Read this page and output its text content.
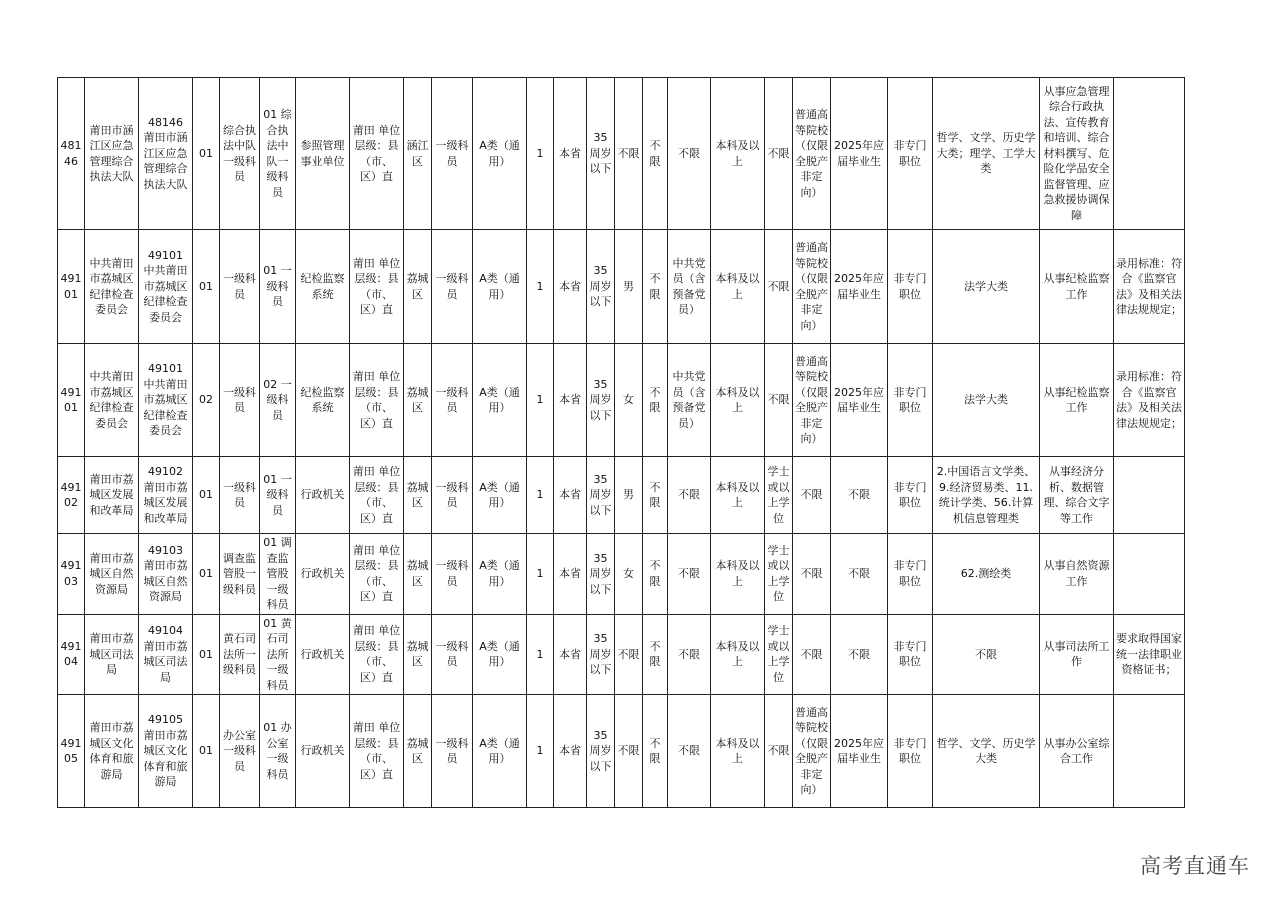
48146	莆田市涵江区应急管理综合执法大队	48146 莆田市涵江区应急管理综合执法大队	01	综合执法中队一级科员	01 综合执法中队一级科员	参照管理事业单位	莆田 单位层级：县（市、区）直	涵江区	一级科员	A类（通用）	1	本省	35周岁以下	不限	不限	不限	本科及以上	不限	普通高等院校（仅限全脱产非定向）	2025年应届毕业生	非专门职位	哲学、文学、历史学大类；理学、工学大类	从事应急管理综合行政执法、宣传教育和培训、综合材料撰写、危险化学品安全监督管理、应急救援协调保障	
49101	中共莆田市荔城区纪律检查委员会	49101 中共莆田市荔城区纪律检查委员会	01	一级科员	01 一级科员	纪检监察系统	莆田 单位层级：县（市、区）直	荔城区	一级科员	A类（通用）	1	本省	35周岁以下	男	不限	中共党员（含预备党员）	本科及以上	不限	普通高等院校（仅限全脱产非定向）	2025年应届毕业生	非专门职位	法学大类	从事纪检监察工作	录用标准：符合《监察官法》及相关法律法规规定；
49101	中共莆田市荔城区纪律检查委员会	49101 中共莆田市荔城区纪律检查委员会	02	一级科员	02 一级科员	纪检监察系统	莆田 单位层级：县（市、区）直	荔城区	一级科员	A类（通用）	1	本省	35周岁以下	女	不限	中共党员（含预备党员）	本科及以上	不限	普通高等院校（仅限全脱产非定向）	2025年应届毕业生	非专门职位	法学大类	从事纪检监察工作	录用标准：符合《监察官法》及相关法律法规规定；
49102	莆田市荔城区发展和改革局	49102 莆田市荔城区发展和改革局	01	一级科员	01 一级科员	行政机关	莆田 单位层级：县（市、区）直	荔城区	一级科员	A类（通用）	1	本省	35周岁以下	男	不限	不限	本科及以上	学士或以上学位	不限	不限	非专门职位	2.中国语言文学类、9.经济贸易类、11.统计学类、56.计算机信息管理类	从事经济分析、数据管理、综合文字等工作	
49103	莆田市荔城区自然资源局	49103 莆田市荔城区自然资源局	01	调查监管股一级科员	01 调查监管股一级科员	行政机关	莆田 单位层级：县（市、区）直	荔城区	一级科员	A类（通用）	1	本省	35周岁以下	女	不限	不限	本科及以上	学士或以上学位	不限	不限	非专门职位	62.测绘类	从事自然资源工作	
49104	莆田市荔城区司法局	49104 莆田市荔城区司法局	01	黄石司法所一级科员	01 黄石司法所一级科员	行政机关	莆田 单位层级：县（市、区）直	荔城区	一级科员	A类（通用）	1	本省	35周岁以下	不限	不限	不限	本科及以上	学士或以上学位	不限	不限	非专门职位	不限	从事司法所工作	要求取得国家统一法律职业资格证书；
49105	莆田市荔城区文化体育和旅游局	49105 莆田市荔城区文化体育和旅游局	01	办公室一级科员	01 办公室一级科员	行政机关	莆田 单位层级：县（市、区）直	荔城区	一级科员	A类（通用）	1	本省	35周岁以下	不限	不限	不限	本科及以上	不限	普通高等院校（仅限全脱产非定向）	2025年应届毕业生	非专门职位	哲学、文学、历史学大类	从事办公室综合工作	
高考直通车
